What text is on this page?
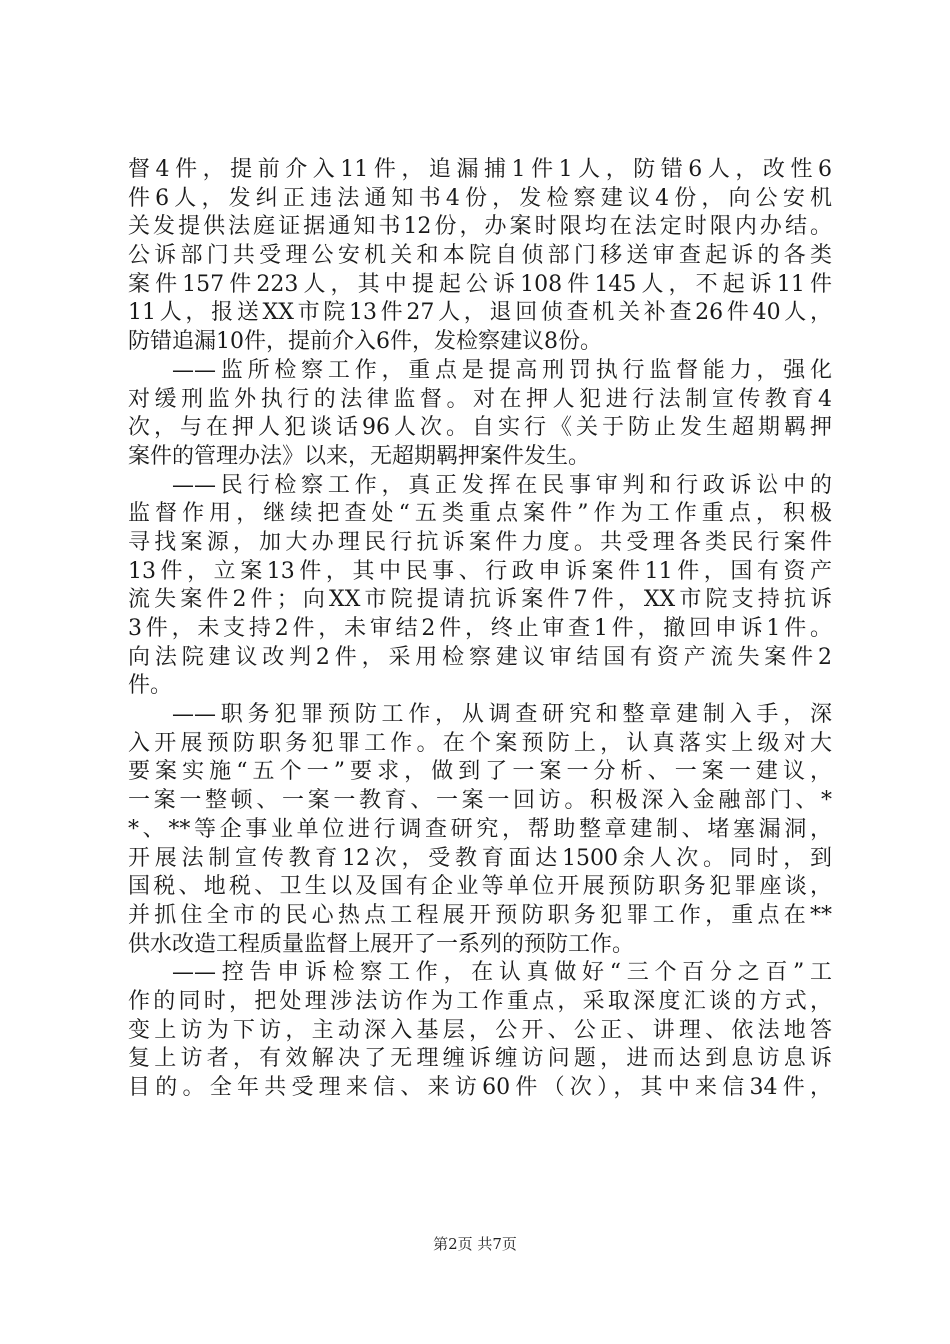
督4件，提前介入11件，追漏捕1件1人，防错6人，改性6
件6人，发纠正违法通知书4份，发检察建议4份，向公安机
关发提供法庭证据通知书12份，办案时限均在法定时限内办结。
公诉部门共受理公安机关和本院自侦部门移送审查起诉的各类
案件157件223人，其中提起公诉108件145人，不起诉11件
11人，报送XX市院13件27人，退回侦查机关补查26件40人，
防错追漏10件，提前介入6件，发检察建议8份。
——监所检察工作，重点是提高刑罚执行监督能力，强化
对缓刑监外执行的法律监督。对在押人犯进行法制宣传教育4
次，与在押人犯谈话96人次。自实行《关于防止发生超期羁押
案件的管理办法》以来，无超期羁押案件发生。
——民行检察工作，真正发挥在民事审判和行政诉讼中的
监督作用，继续把查处“五类重点案件”作为工作重点，积极
寻找案源，加大办理民行抗诉案件力度。共受理各类民行案件
13件，立案13件，其中民事、行政申诉案件11件，国有资产
流失案件2件；向XX市院提请抗诉案件7件，XX市院支持抗诉
3件，未支持2件，未审结2件，终止审查1件，撤回申诉1件。
向法院建议改判2件，采用检察建议审结国有资产流失案件2
件。
——职务犯罪预防工作，从调查研究和整章建制入手，深
入开展预防职务犯罪工作。在个案预防上，认真落实上级对大
要案实施“五个一”要求，做到了一案一分析、一案一建议，
一案一整顿、一案一教育、一案一回访。积极深入金融部门、*
*、**等企事业单位进行调查研究，帮助整章建制、堵塞漏洞，
开展法制宣传教育12次，受教育面达1500余人次。同时，到
国税、地税、卫生以及国有企业等单位开展预防职务犯罪座谈，
并抓住全市的民心热点工程展开预防职务犯罪工作，重点在**
供水改造工程质量监督上展开了一系列的预防工作。
——控告申诉检察工作，在认真做好“三个百分之百”工
作的同时，把处理涉法访作为工作重点，采取深度汇谈的方式，
变上访为下访，主动深入基层，公开、公正、讲理、依法地答
复上访者，有效解决了无理缠诉缠访问题，进而达到息访息诉
目的。全年共受理来信、来访60件（次），其中来信34件，
第2页 共7页
